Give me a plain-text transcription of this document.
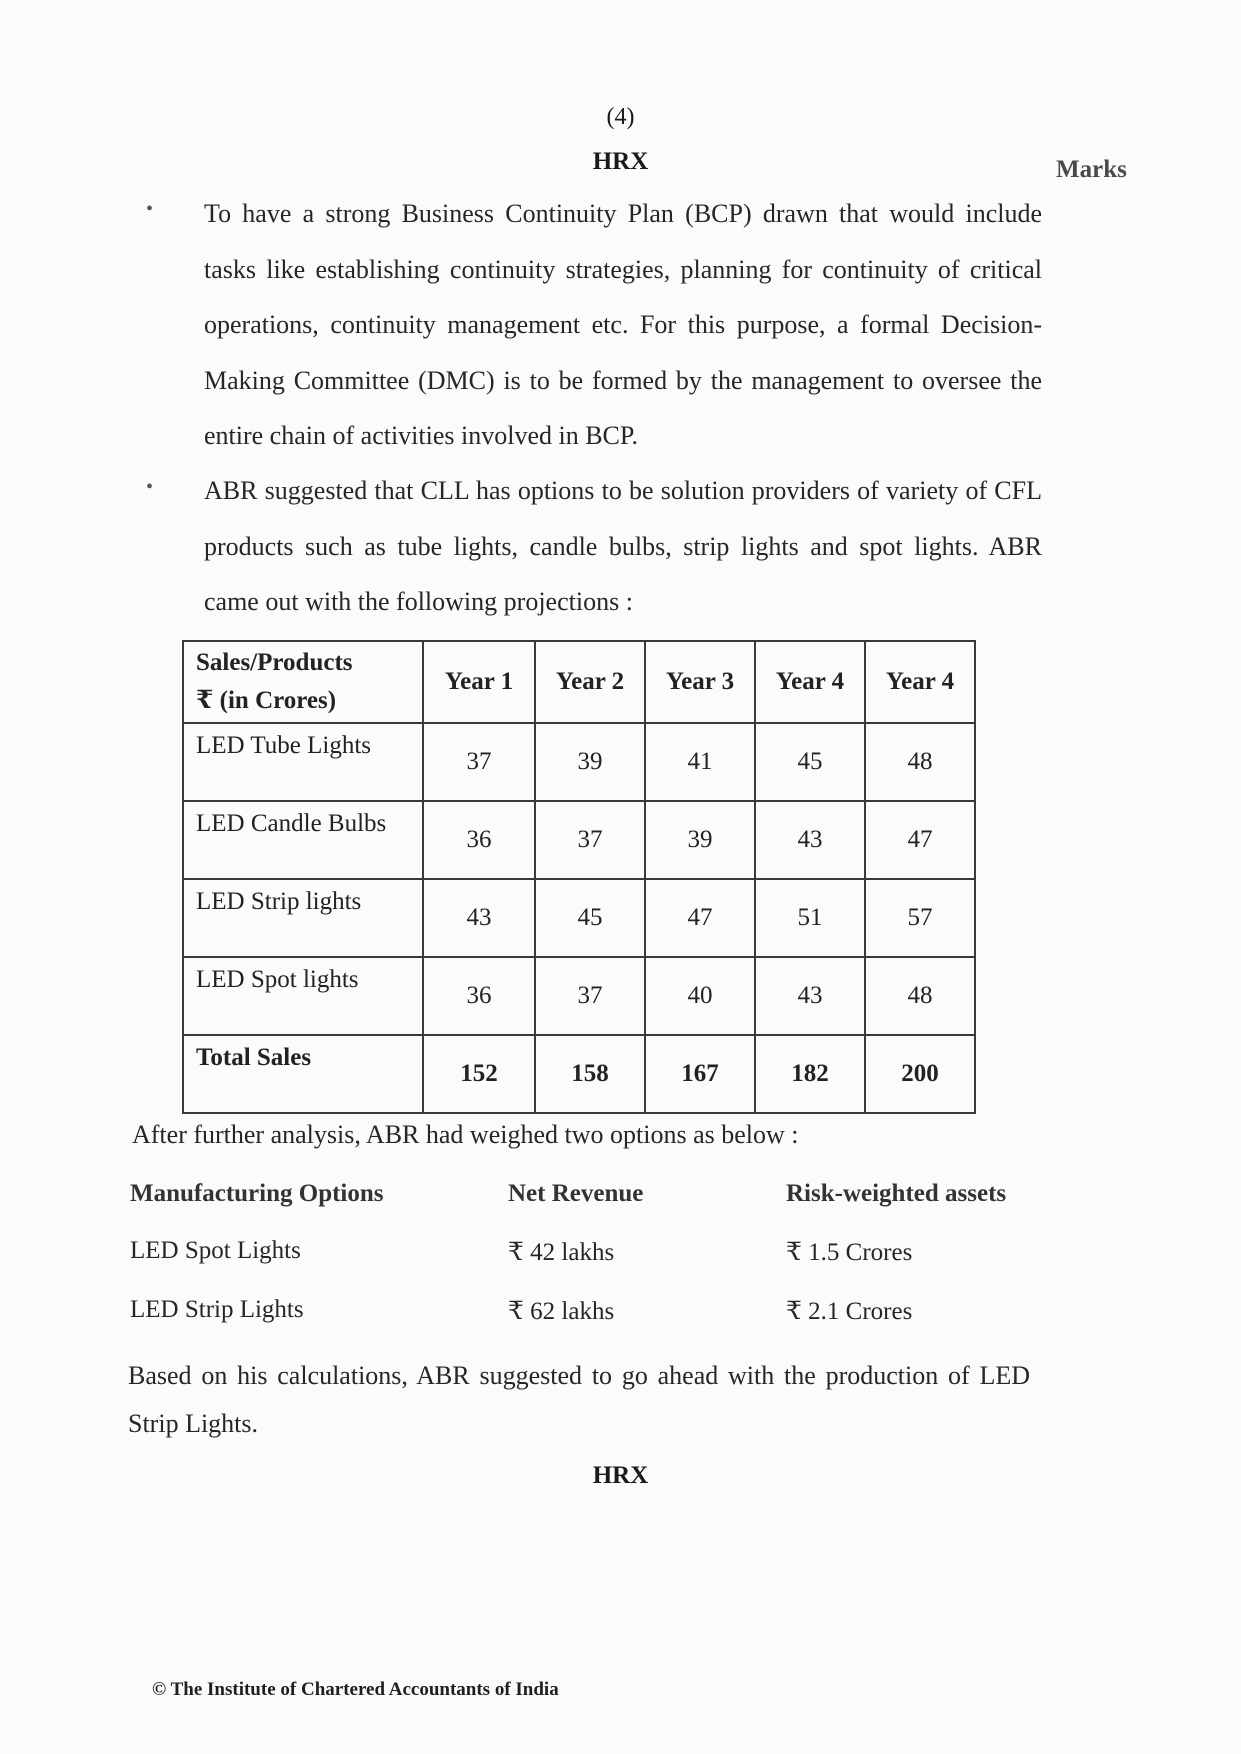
(4)
HRX	Marks
• To have a strong Business Continuity Plan (BCP) drawn that would include tasks like establishing continuity strategies, planning for continuity of critical operations, continuity management etc. For this purpose, a formal Decision-Making Committee (DMC) is to be formed by the management to oversee the entire chain of activities involved in BCP.
• ABR suggested that CLL has options to be solution providers of variety of CFL products such as tube lights, candle bulbs, strip lights and spot lights. ABR came out with the following projections :
Sales/Products
₹ (in Crores)	Year 1	Year 2	Year 3	Year 4	Year 4
LED Tube Lights	37	39	41	45	48
LED Candle Bulbs	36	37	39	43	47
LED Strip lights	43	45	47	51	57
LED Spot lights	36	37	40	43	48
Total Sales	152	158	167	182	200
After further analysis, ABR had weighed two options as below :
Manufacturing Options	Net Revenue	Risk-weighted assets
LED Spot Lights	₹ 42 lakhs	₹ 1.5 Crores
LED Strip Lights	₹ 62 lakhs	₹ 2.1 Crores
Based on his calculations, ABR suggested to go ahead with the production of LED Strip Lights.
HRX
© The Institute of Chartered Accountants of India
